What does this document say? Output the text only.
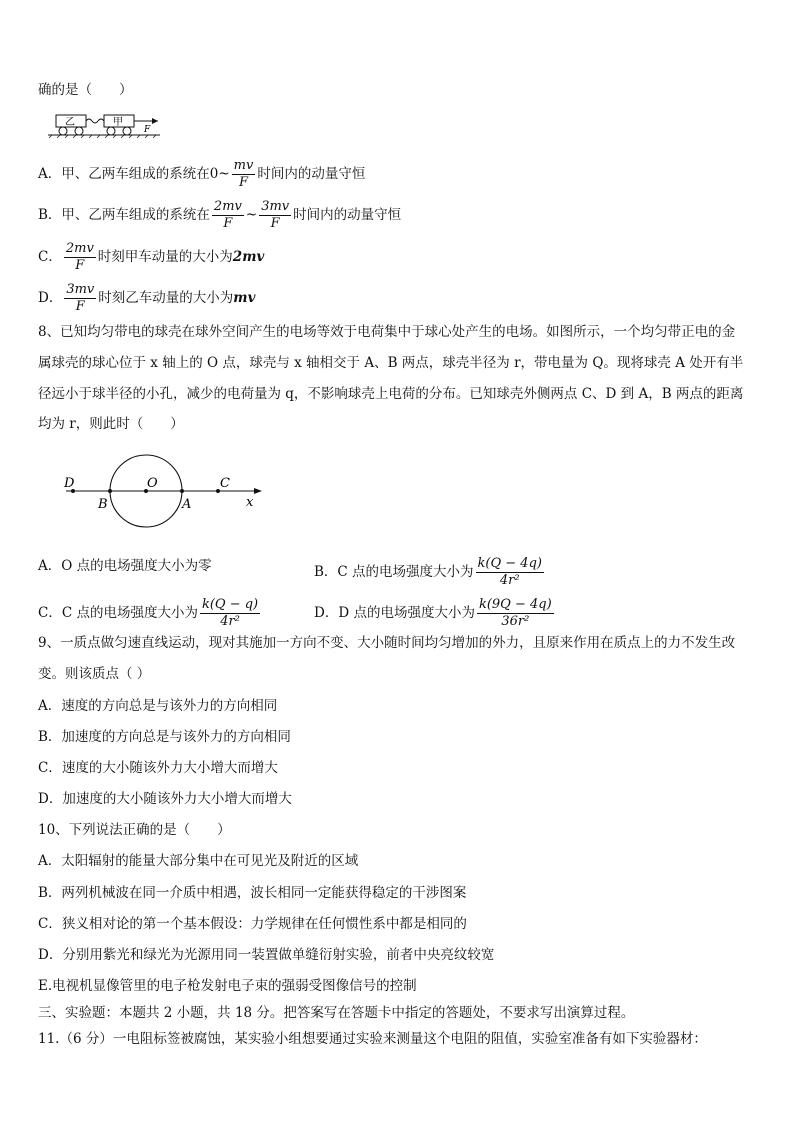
确的是（　　）
乙	甲
F
A．甲、乙两车组成的系统在0~ $\frac{mv}{F}$ 时间内的动量守恒
B．甲、乙两车组成的系统在 $\frac{2mv}{F}$ ~ $\frac{3mv}{F}$ 时间内的动量守恒
C． $\frac{2mv}{F}$ 时刻甲车动量的大小为2mv
D． $\frac{3mv}{F}$ 时刻乙车动量的大小为mv
8、已知均匀带电的球壳在球外空间产生的电场等效于电荷集中于球心处产生的电场。如图所示，一个均匀带正电的金
属球壳的球心位于 x 轴上的 O 点，球壳与 x 轴相交于 A、B 两点，球壳半径为 r，带电量为 Q。现将球壳 A 处开有半
径远小于球半径的小孔，减少的电荷量为 q，不影响球壳上电荷的分布。已知球壳外侧两点 C、D 到 A，B 两点的距离
均为 r，则此时（　　）
D
B
O
A
C
x
A．O 点的电场强度大小为零	B．C 点的电场强度大小为 $\frac{k(Q - 4q)}{\text{4r²}}$
C．C 点的电场强度大小为 $\frac{k(Q - q)}{\text{4r²}}$	D．D 点的电场强度大小为 $\frac{k(9Q - 4q)}{\text{36r²}}$
9、一质点做匀速直线运动，现对其施加一方向不变、大小随时间均匀增加的外力，且原来作用在质点上的力不发生改
变。则该质点（ ）
A．速度的方向总是与该外力的方向相同
B．加速度的方向总是与该外力的方向相同
C．速度的大小随该外力大小增大而增大
D．加速度的大小随该外力大小增大而增大
10、下列说法正确的是（　　）
A．太阳辐射的能量大部分集中在可见光及附近的区域
B．两列机械波在同一介质中相遇，波长相同一定能获得稳定的干涉图案
C．狭义相对论的第一个基本假设：力学规律在任何惯性系中都是相同的
D．分别用紫光和绿光为光源用同一装置做单缝衍射实验，前者中央亮纹较宽
E.电视机显像管里的电子枪发射电子束的强弱受图像信号的控制
三、实验题：本题共 2 小题，共 18 分。把答案写在答题卡中指定的答题处，不要求写出演算过程。
11.（6 分）一电阻标签被腐蚀，某实验小组想要通过实验来测量这个电阻的阻值，实验室准备有如下实验器材：
